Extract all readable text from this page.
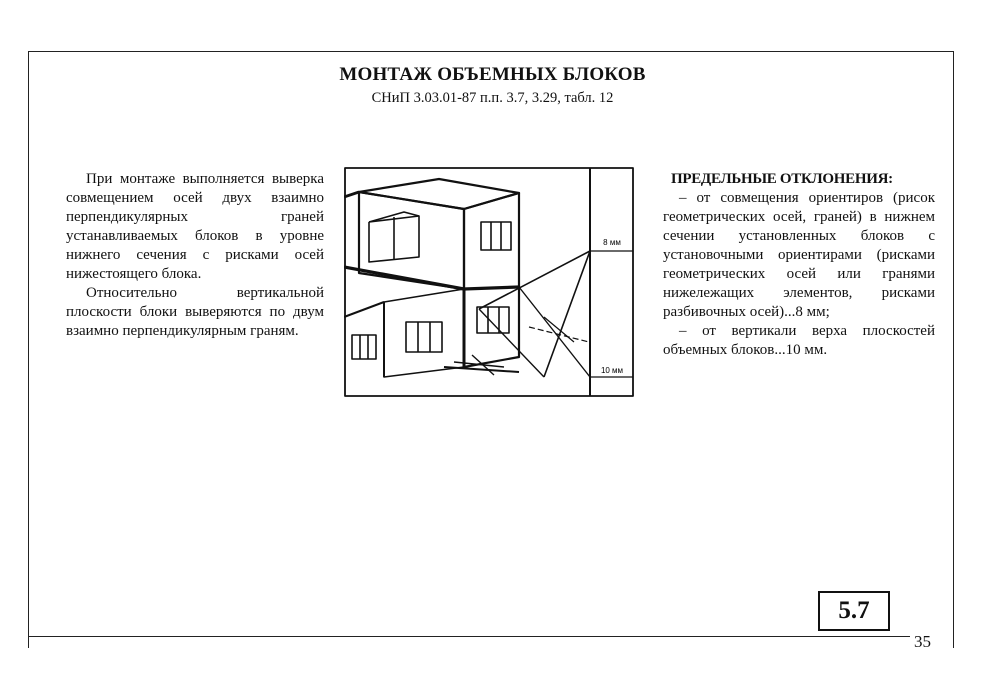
35
МОНТАЖ ОБЪЕМНЫХ БЛОКОВ
СНиП 3.03.01-87 п.п. 3.7, 3.29, табл. 12

При монтаже выполняется выверка совмещением осей двух взаимно перпендикулярных граней устанавливаемых блоков в уровне нижнего сечения с рисками осей нижестоящего блока.

Относительно вертикальной плоскости блоки выверяются по двум взаимно перпендикулярным граням.

8 мм
10 мм

ПРЕДЕЛЬНЫЕ ОТКЛОНЕНИЯ:

– от совмещения ориентиров (рисок геометрических осей, граней) в нижнем сечении установленных блоков с установочными ориентирами (рисками геометрических осей или гранями нижележащих элементов, рисками разбивочных осей)...8 мм;

– от вертикали верха плоскостей объемных блоков...10 мм.

5.7
